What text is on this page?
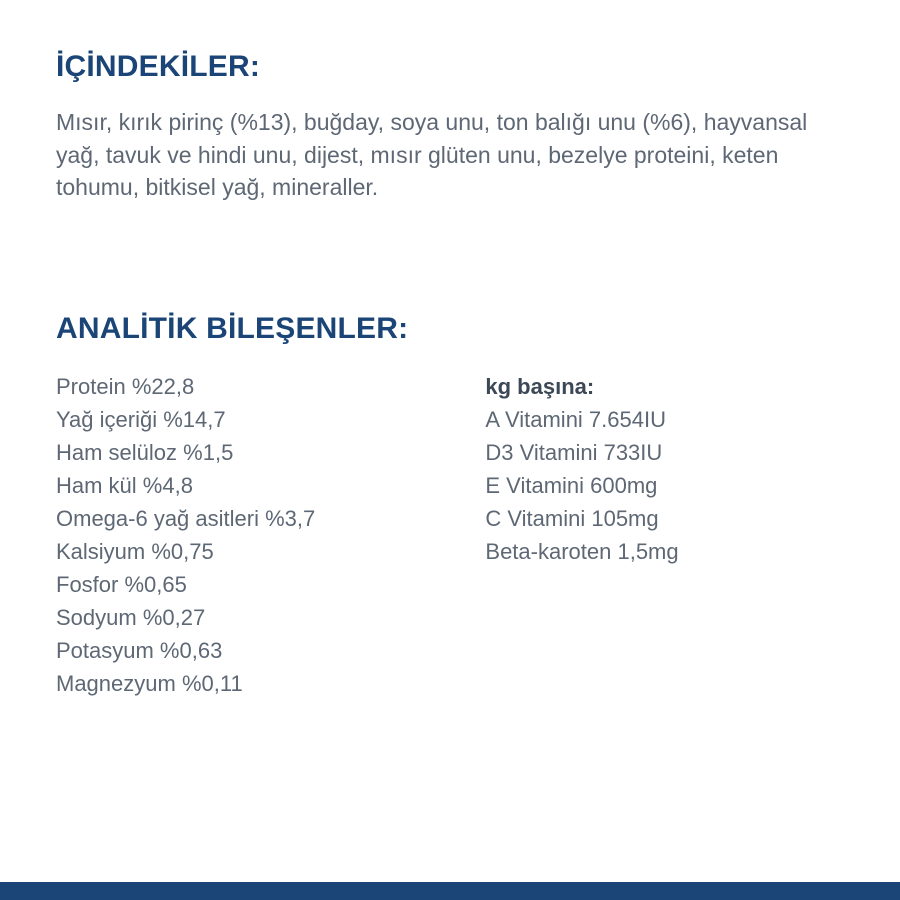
İÇİNDEKİLER:

Mısır, kırık pirinç (%13), buğday, soya unu, ton balığı unu (%6), hayvansal yağ, tavuk ve hindi unu, dijest, mısır glüten unu, bezelye proteini, keten tohumu, bitkisel yağ, mineraller.

ANALİTİK BİLEŞENLER:
Protein %22,8
Yağ içeriği %14,7
Ham selüloz %1,5
Ham kül %4,8
Omega-6 yağ asitleri %3,7
Kalsiyum %0,75
Fosfor %0,65
Sodyum %0,27
Potasyum %0,63
Magnezyum %0,11

kg başına:

A Vitamini 7.654IU
D3 Vitamini 733IU
E Vitamini 600mg
C Vitamini 105mg
Beta-karoten 1,5mg
